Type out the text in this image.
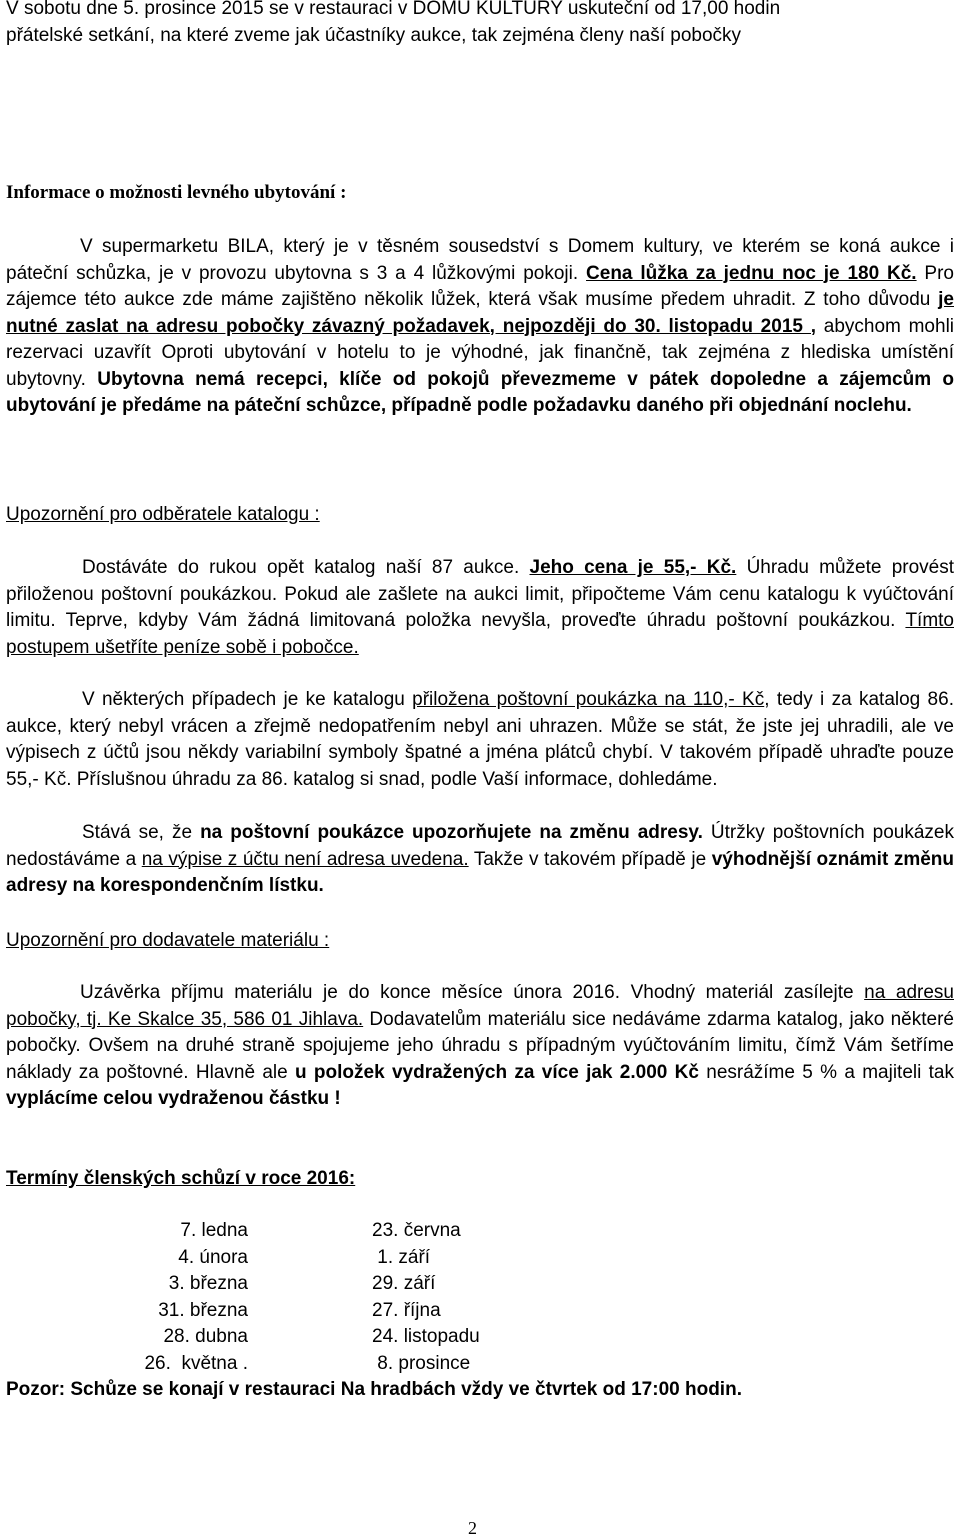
V sobotu dne 5. prosince 2015 se v restauraci v DOMU KULTURY uskuteční od 17,00 hodin
přátelské setkání, na které zveme jak účastníky aukce, tak zejména členy naší pobočky
Informace o možnosti levného ubytování :
V supermarketu BILA, který je v těsném sousedství s Domem kultury, ve kterém se koná aukce i páteční schůzka, je v provozu ubytovna s 3 a 4 lůžkovými pokoji. Cena lůžka za jednu noc je 180 Kč. Pro zájemce této aukce zde máme zajištěno několik lůžek, která však musíme předem uhradit. Z toho důvodu je nutné zaslat na adresu pobočky závazný požadavek, nejpozději do 30. listopadu 2015 , abychom mohli rezervaci uzavřít Oproti ubytování v hotelu to je výhodné, jak finančně, tak zejména z hlediska umístění ubytovny. Ubytovna nemá recepci, klíče od pokojů převezmeme v pátek dopoledne a zájemcům o ubytování je předáme na páteční schůzce, případně podle požadavku daného při objednání noclehu.
Upozornění pro odběratele katalogu :
Dostáváte do rukou opět katalog naší 87 aukce. Jeho cena je 55,- Kč. Úhradu můžete provést přiloženou poštovní poukázkou. Pokud ale zašlete na aukci limit, připočteme Vám cenu katalogu k vyúčtování limitu. Teprve, kdyby Vám žádná limitovaná položka nevyšla, proveďte úhradu poštovní poukázkou. Tímto postupem ušetříte peníze sobě i pobočce.
V některých případech je ke katalogu přiložena poštovní poukázka na 110,- Kč, tedy i za katalog 86. aukce, který nebyl vrácen a zřejmě nedopatřením nebyl ani uhrazen. Může se stát, že jste jej uhradili, ale ve výpisech z účtů jsou někdy variabilní symboly špatné a jména plátců chybí. V takovém případě uhraďte pouze 55,- Kč. Příslušnou úhradu za 86. katalog si snad, podle Vaší informace, dohledáme.
Stává se, že na poštovní poukázce upozorňujete na změnu adresy. Útržky poštovních poukázek nedostáváme a na výpise z účtu není adresa uvedena. Takže v takovém případě je výhodnější oznámit změnu adresy na korespondenčním lístku.
Upozornění pro dodavatele materiálu :
Uzávěrka příjmu materiálu je do konce měsíce února 2016. Vhodný materiál zasílejte na adresu pobočky, tj. Ke Skalce 35, 586 01 Jihlava. Dodavatelům materiálu sice nedáváme zdarma katalog, jako některé pobočky. Ovšem na druhé straně spojujeme jeho úhradu s případným vyúčtováním limitu, čímž Vám šetříme náklady za poštovné. Hlavně ale u položek vydražených za více jak 2.000 Kč nesrážíme 5 % a majiteli tak vyplácíme celou vydraženou částku !
Termíny členských schůzí v roce 2016:
7. ledna	23. června
4. února	1. září
3. března	29. září
31. března	27. října
28. dubna	24. listopadu
26.  května .	8. prosince
Pozor: Schůze se konají v restauraci Na hradbách vždy ve čtvrtek od 17:00 hodin.
2
